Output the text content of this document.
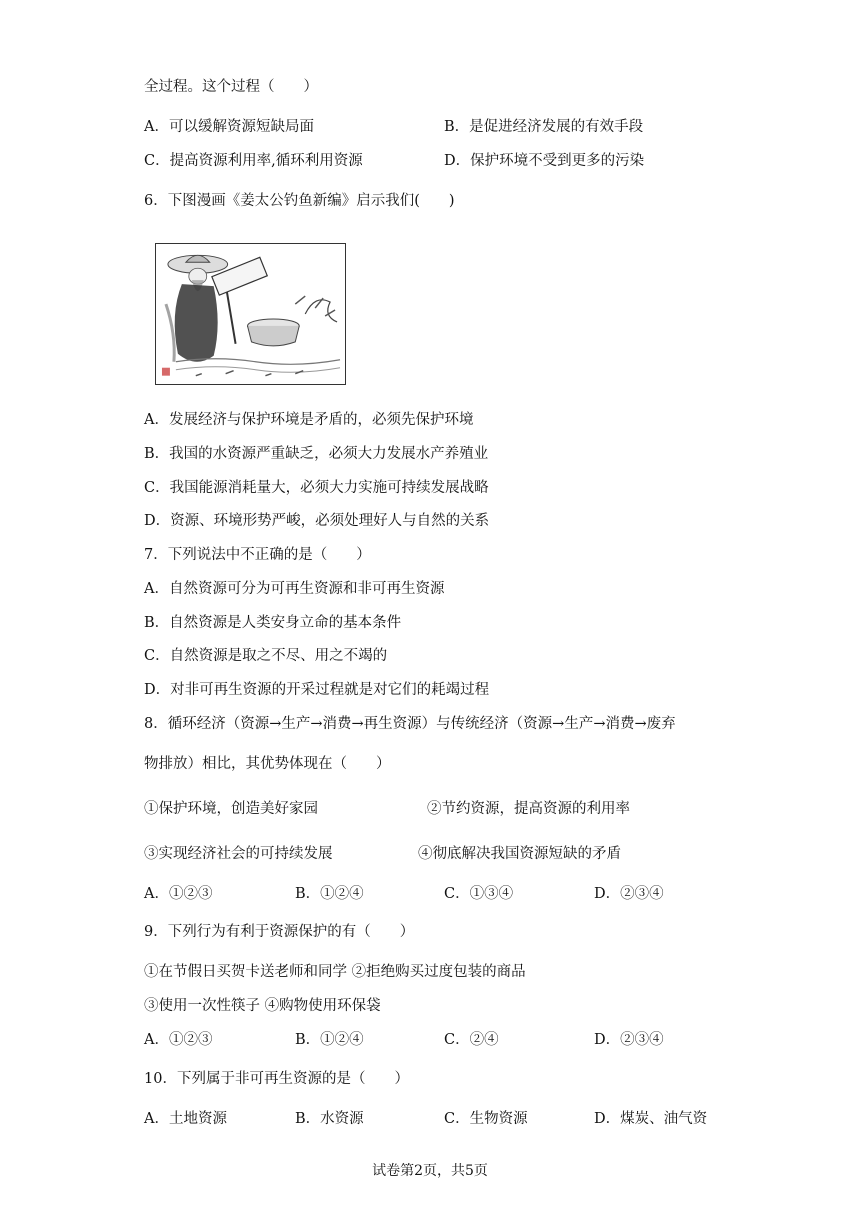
全过程。这个过程（　　）
A．可以缓解资源短缺局面	B．是促进经济发展的有效手段
C．提高资源利用率,循环利用资源	D．保护环境不受到更多的污染
6．下图漫画《姜太公钓鱼新编》启示我们(　　)
A．发展经济与保护环境是矛盾的，必须先保护环境
B．我国的水资源严重缺乏，必须大力发展水产养殖业
C．我国能源消耗量大，必须大力实施可持续发展战略
D．资源、环境形势严峻，必须处理好人与自然的关系
7．下列说法中不正确的是（　　）
A．自然资源可分为可再生资源和非可再生资源
B．自然资源是人类安身立命的基本条件
C．自然资源是取之不尽、用之不竭的
D．对非可再生资源的开采过程就是对它们的耗竭过程
8．循环经济（资源→生产→消费→再生资源）与传统经济（资源→生产→消费→废弃
物排放）相比，其优势体现在（　　）
①保护环境，创造美好家园	②节约资源，提高资源的利用率
③实现经济社会的可持续发展	④彻底解决我国资源短缺的矛盾
A．①②③	B．①②④	C．①③④	D．②③④
9．下列行为有利于资源保护的有（　　）
①在节假日买贺卡送老师和同学 ②拒绝购买过度包装的商品
③使用一次性筷子 ④购物使用环保袋
A．①②③	B．①②④	C．②④	D．②③④
10．下列属于非可再生资源的是（　　）
A．土地资源	B．水资源	C．生物资源	D．煤炭、油气资
试卷第2页，共5页
